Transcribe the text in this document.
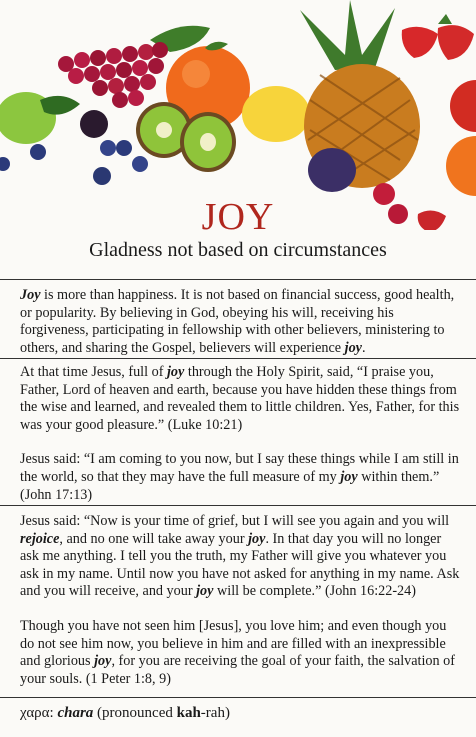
JOY
Gladness not based on circumstances

Joy is more than happiness. It is not based on financial success, good health, or popularity. By believing in God, obeying his will, receiving his forgiveness, participating in fellowship with other believers, ministering to others, and sharing the Gospel, believers will experience joy.

At that time Jesus, full of joy through the Holy Spirit, said, “I praise you, Father, Lord of heaven and earth, because you have hidden these things from the wise and learned, and revealed them to little children. Yes, Father, for this was your good pleasure.” (Luke 10:21)

Jesus said: “I am coming to you now, but I say these things while I am still in the world, so that they may have the full measure of my joy within them.” (John 17:13)

Jesus said: “Now is your time of grief, but I will see you again and you will rejoice, and no one will take away your joy. In that day you will no longer ask me anything. I tell you the truth, my Father will give you whatever you ask in my name. Until now you have not asked for anything in my name. Ask and you will receive, and your joy will be complete.” (John 16:22-24)

Though you have not seen him [Jesus], you love him; and even though you do not see him now, you believe in him and are filled with an inexpressible and glorious joy, for you are receiving the goal of your faith, the salvation of your souls. (1 Peter 1:8, 9)

χαρα: chara (pronounced kah-rah)
